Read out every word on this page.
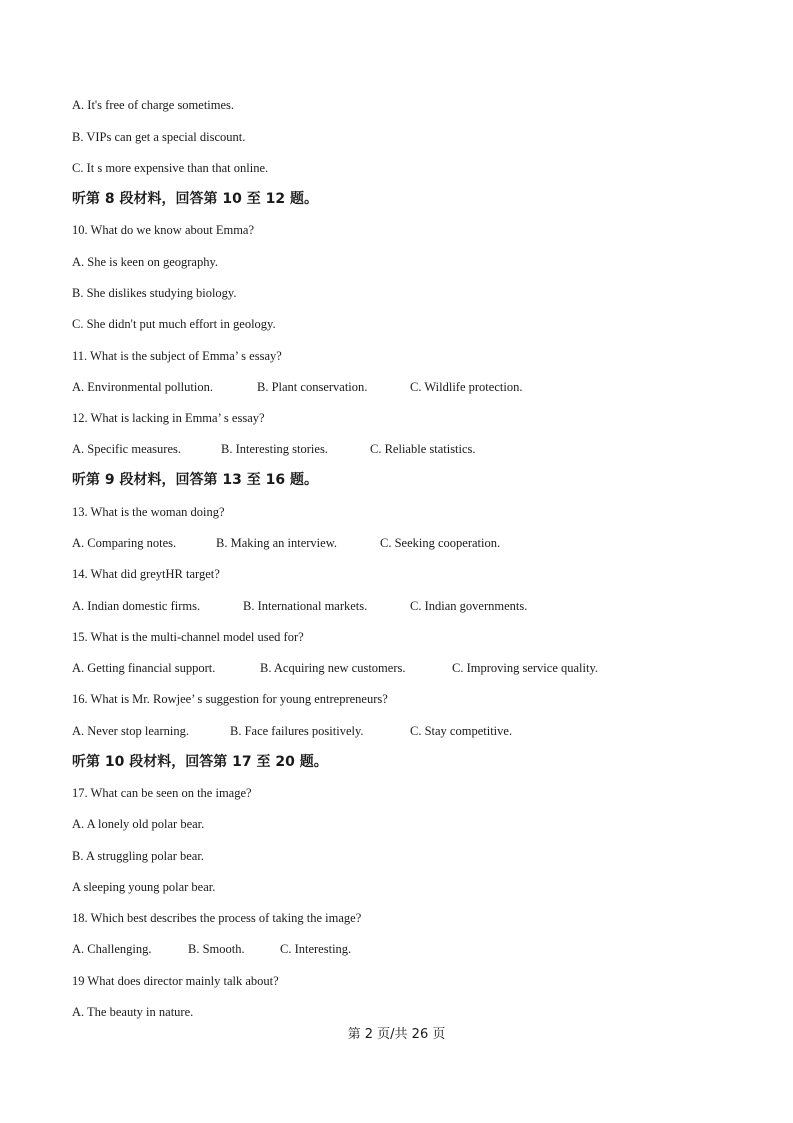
A. It's free of charge sometimes.
B. VIPs can get a special discount.
C. It s more expensive than that online.
听第 8 段材料，回答第 10 至 12 题。
10. What do we know about Emma?
A. She is keen on geography.
B. She dislikes studying biology.
C. She didn't put much effort in geology.
11. What is the subject of Emma’ s essay?
A. Environmental pollution.	B. Plant conservation.	C. Wildlife protection.
12. What is lacking in Emma’ s essay?
A. Specific measures.	B. Interesting stories.	C. Reliable statistics.
听第 9 段材料，回答第 13 至 16 题。
13. What is the woman doing?
A. Comparing notes.	B. Making an interview.	C. Seeking cooperation.
14. What did greytHR target?
A. Indian domestic firms.	B. International markets.	C. Indian governments.
15. What is the multi-channel model used for?
A. Getting financial support.	B. Acquiring new customers.	C. Improving service quality.
16. What is Mr. Rowjee’ s suggestion for young entrepreneurs?
A. Never stop learning.	B. Face failures positively.	C. Stay competitive.
听第 10 段材料，回答第 17 至 20 题。
17. What can be seen on the image?
A. A lonely old polar bear.
B. A struggling polar bear.
A sleeping young polar bear.
18. Which best describes the process of taking the image?
A. Challenging.	B. Smooth.	C. Interesting.
19 What does director mainly talk about?
A. The beauty in nature.
第 2 页/共 26 页
